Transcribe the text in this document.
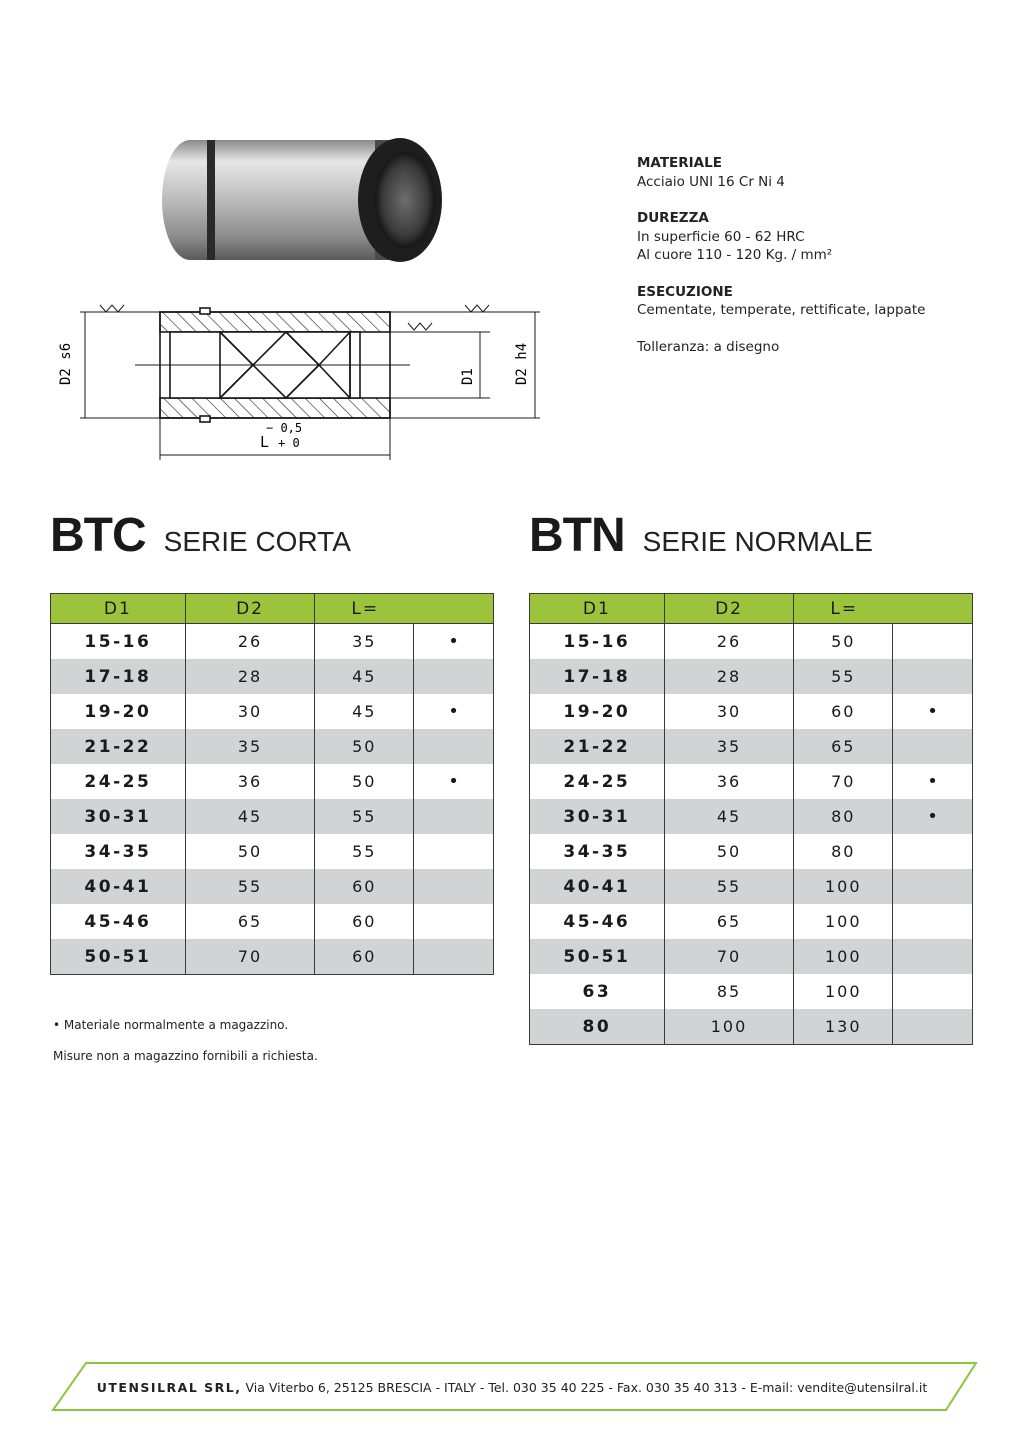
D2 s6	D1	D2 h4
− 0,5
L + 0
MATERIALE
Acciaio UNI 16 Cr Ni 4
DUREZZA
In superficie 60 - 62 HRC
Al cuore 110 - 120 Kg. / mm²
ESECUZIONE
Cementate, temperate, rettificate, lappate
Tolleranza: a disegno
BTC SERIE CORTA	BTN SERIE NORMALE
D1	D2	L=	
15-16	26	35	•
17-18	28	45	
19-20	30	45	•
21-22	35	50	
24-25	36	50	•
30-31	45	55	
34-35	50	55	
40-41	55	60	
45-46	65	60	
50-51	70	60	
D1	D2	L=	
15-16	26	50	
17-18	28	55	
19-20	30	60	•
21-22	35	65	
24-25	36	70	•
30-31	45	80	•
34-35	50	80	
40-41	55	100	
45-46	65	100	
50-51	70	100	
63	85	100	
80	100	130	
• Materiale normalmente a magazzino.
Misure non a magazzino fornibili a richiesta.
UTENSILRAL SRL, Via Viterbo 6, 25125 BRESCIA - ITALY - Tel. 030 35 40 225 - Fax. 030 35 40 313 - E-mail: vendite@utensilral.it
